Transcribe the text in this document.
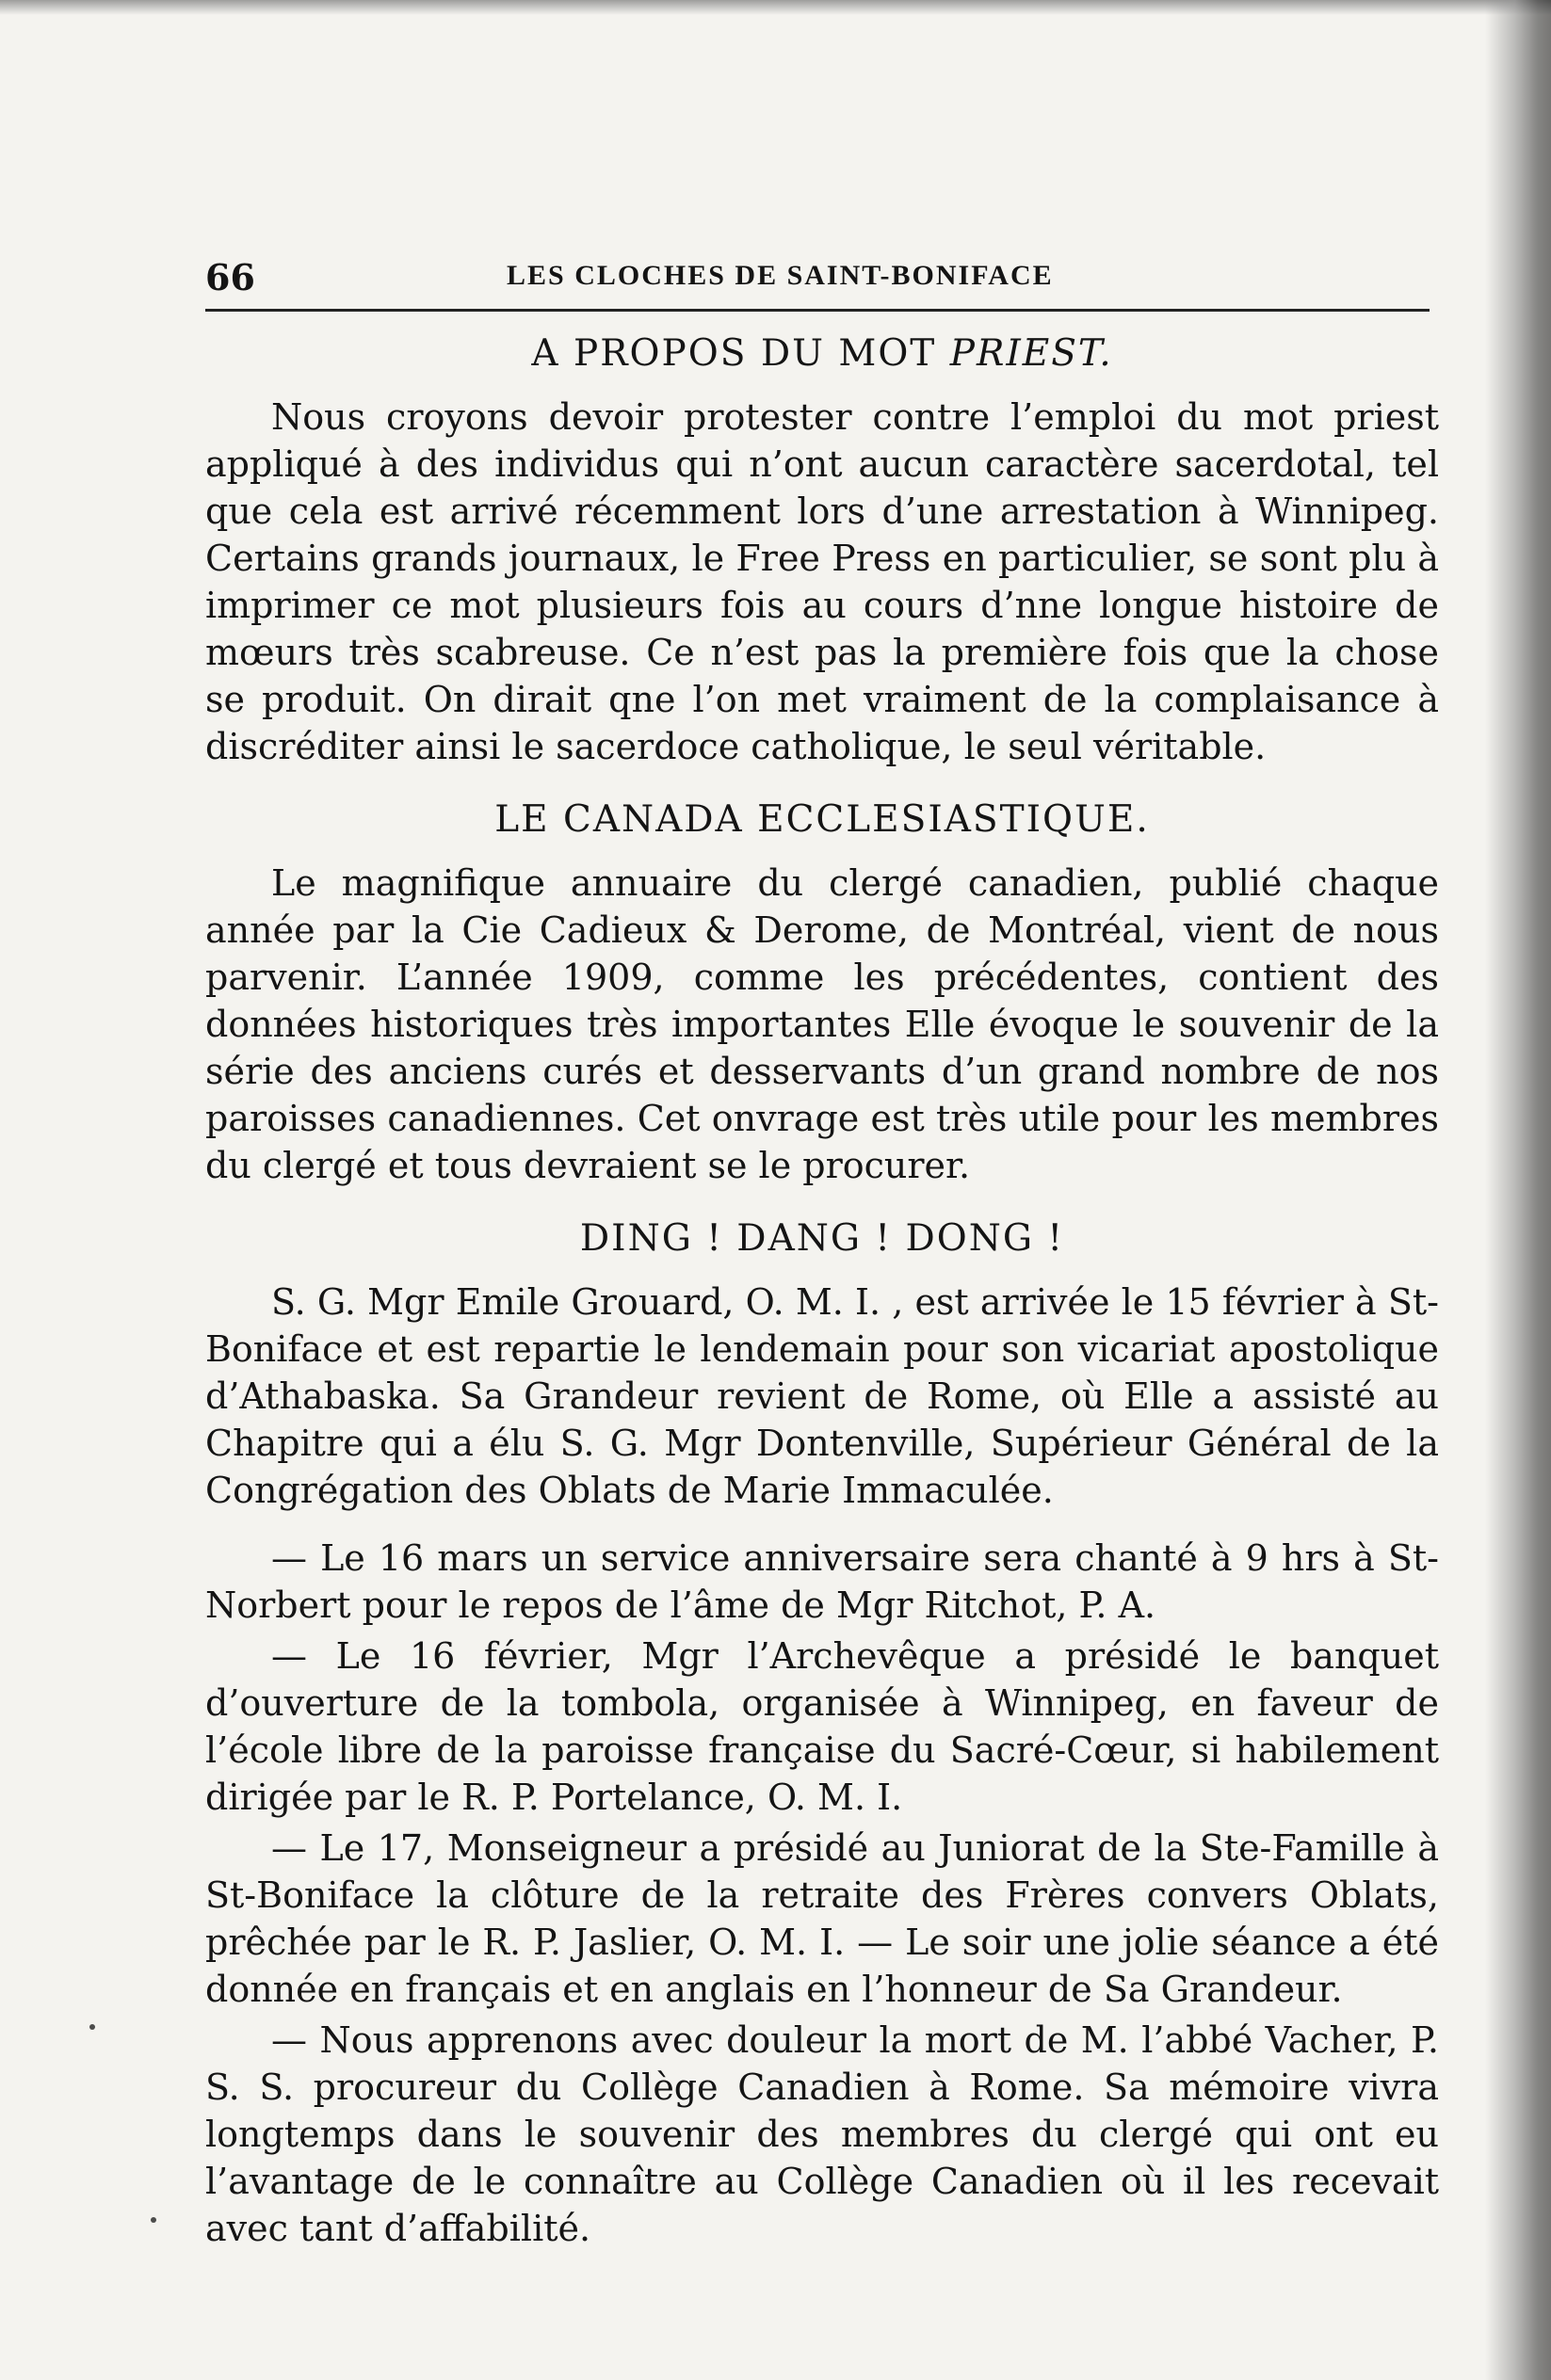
66	LES CLOCHES DE SAINT-BONIFACE
A PROPOS DU MOT PRIEST.

Nous croyons devoir protester contre l’emploi du mot priest appliqué à des individus qui n’ont aucun caractère sacerdotal, tel que cela est arrivé récemment lors d’une arrestation à Winnipeg. Certains grands journaux, le Free Press en particulier, se sont plu à imprimer ce mot plusieurs fois au cours d’nne longue histoire de mœurs très scabreuse. Ce n’est pas la première fois que la chose se produit. On dirait qne l’on met vraiment de la complaisance à discréditer ainsi le sacerdoce catholique, le seul véritable.

LE CANADA ECCLESIASTIQUE.

Le magnifique annuaire du clergé canadien, publié chaque année par la Cie Cadieux & Derome, de Montréal, vient de nous parvenir. L’année 1909, comme les précédentes, contient des données historiques très importantes Elle évoque le souvenir de la série des anciens curés et desservants d’un grand nombre de nos paroisses canadiennes. Cet onvrage est très utile pour les membres du clergé et tous devraient se le procurer.

DING ! DANG ! DONG !

S. G. Mgr Emile Grouard, O. M. I. , est arrivée le 15 février à St-Boniface et est repartie le lendemain pour son vicariat apostolique d’Athabaska. Sa Grandeur revient de Rome, où Elle a assisté au Chapitre qui a élu S. G. Mgr Dontenville, Supérieur Général de la Congrégation des Oblats de Marie Immaculée.

— Le 16 mars un service anniversaire sera chanté à 9 hrs à St-Norbert pour le repos de l’âme de Mgr Ritchot, P. A.

— Le 16 février, Mgr l’Archevêque a présidé le banquet d’ouverture de la tombola, organisée à Winnipeg, en faveur de l’école libre de la paroisse française du Sacré-Cœur, si habilement dirigée par le R. P. Portelance, O. M. I.

— Le 17, Monseigneur a présidé au Juniorat de la Ste-Famille à St-Boniface la clôture de la retraite des Frères convers Oblats, prêchée par le R. P. Jaslier, O. M. I. — Le soir une jolie séance a été donnée en français et en anglais en l’honneur de Sa Grandeur.

— Nous apprenons avec douleur la mort de M. l’abbé Vacher, P. S. S. procureur du Collège Canadien à Rome. Sa mémoire vivra longtemps dans le souvenir des membres du clergé qui ont eu l’avantage de le connaître au Collège Canadien où il les recevait avec tant d’affabilité.
